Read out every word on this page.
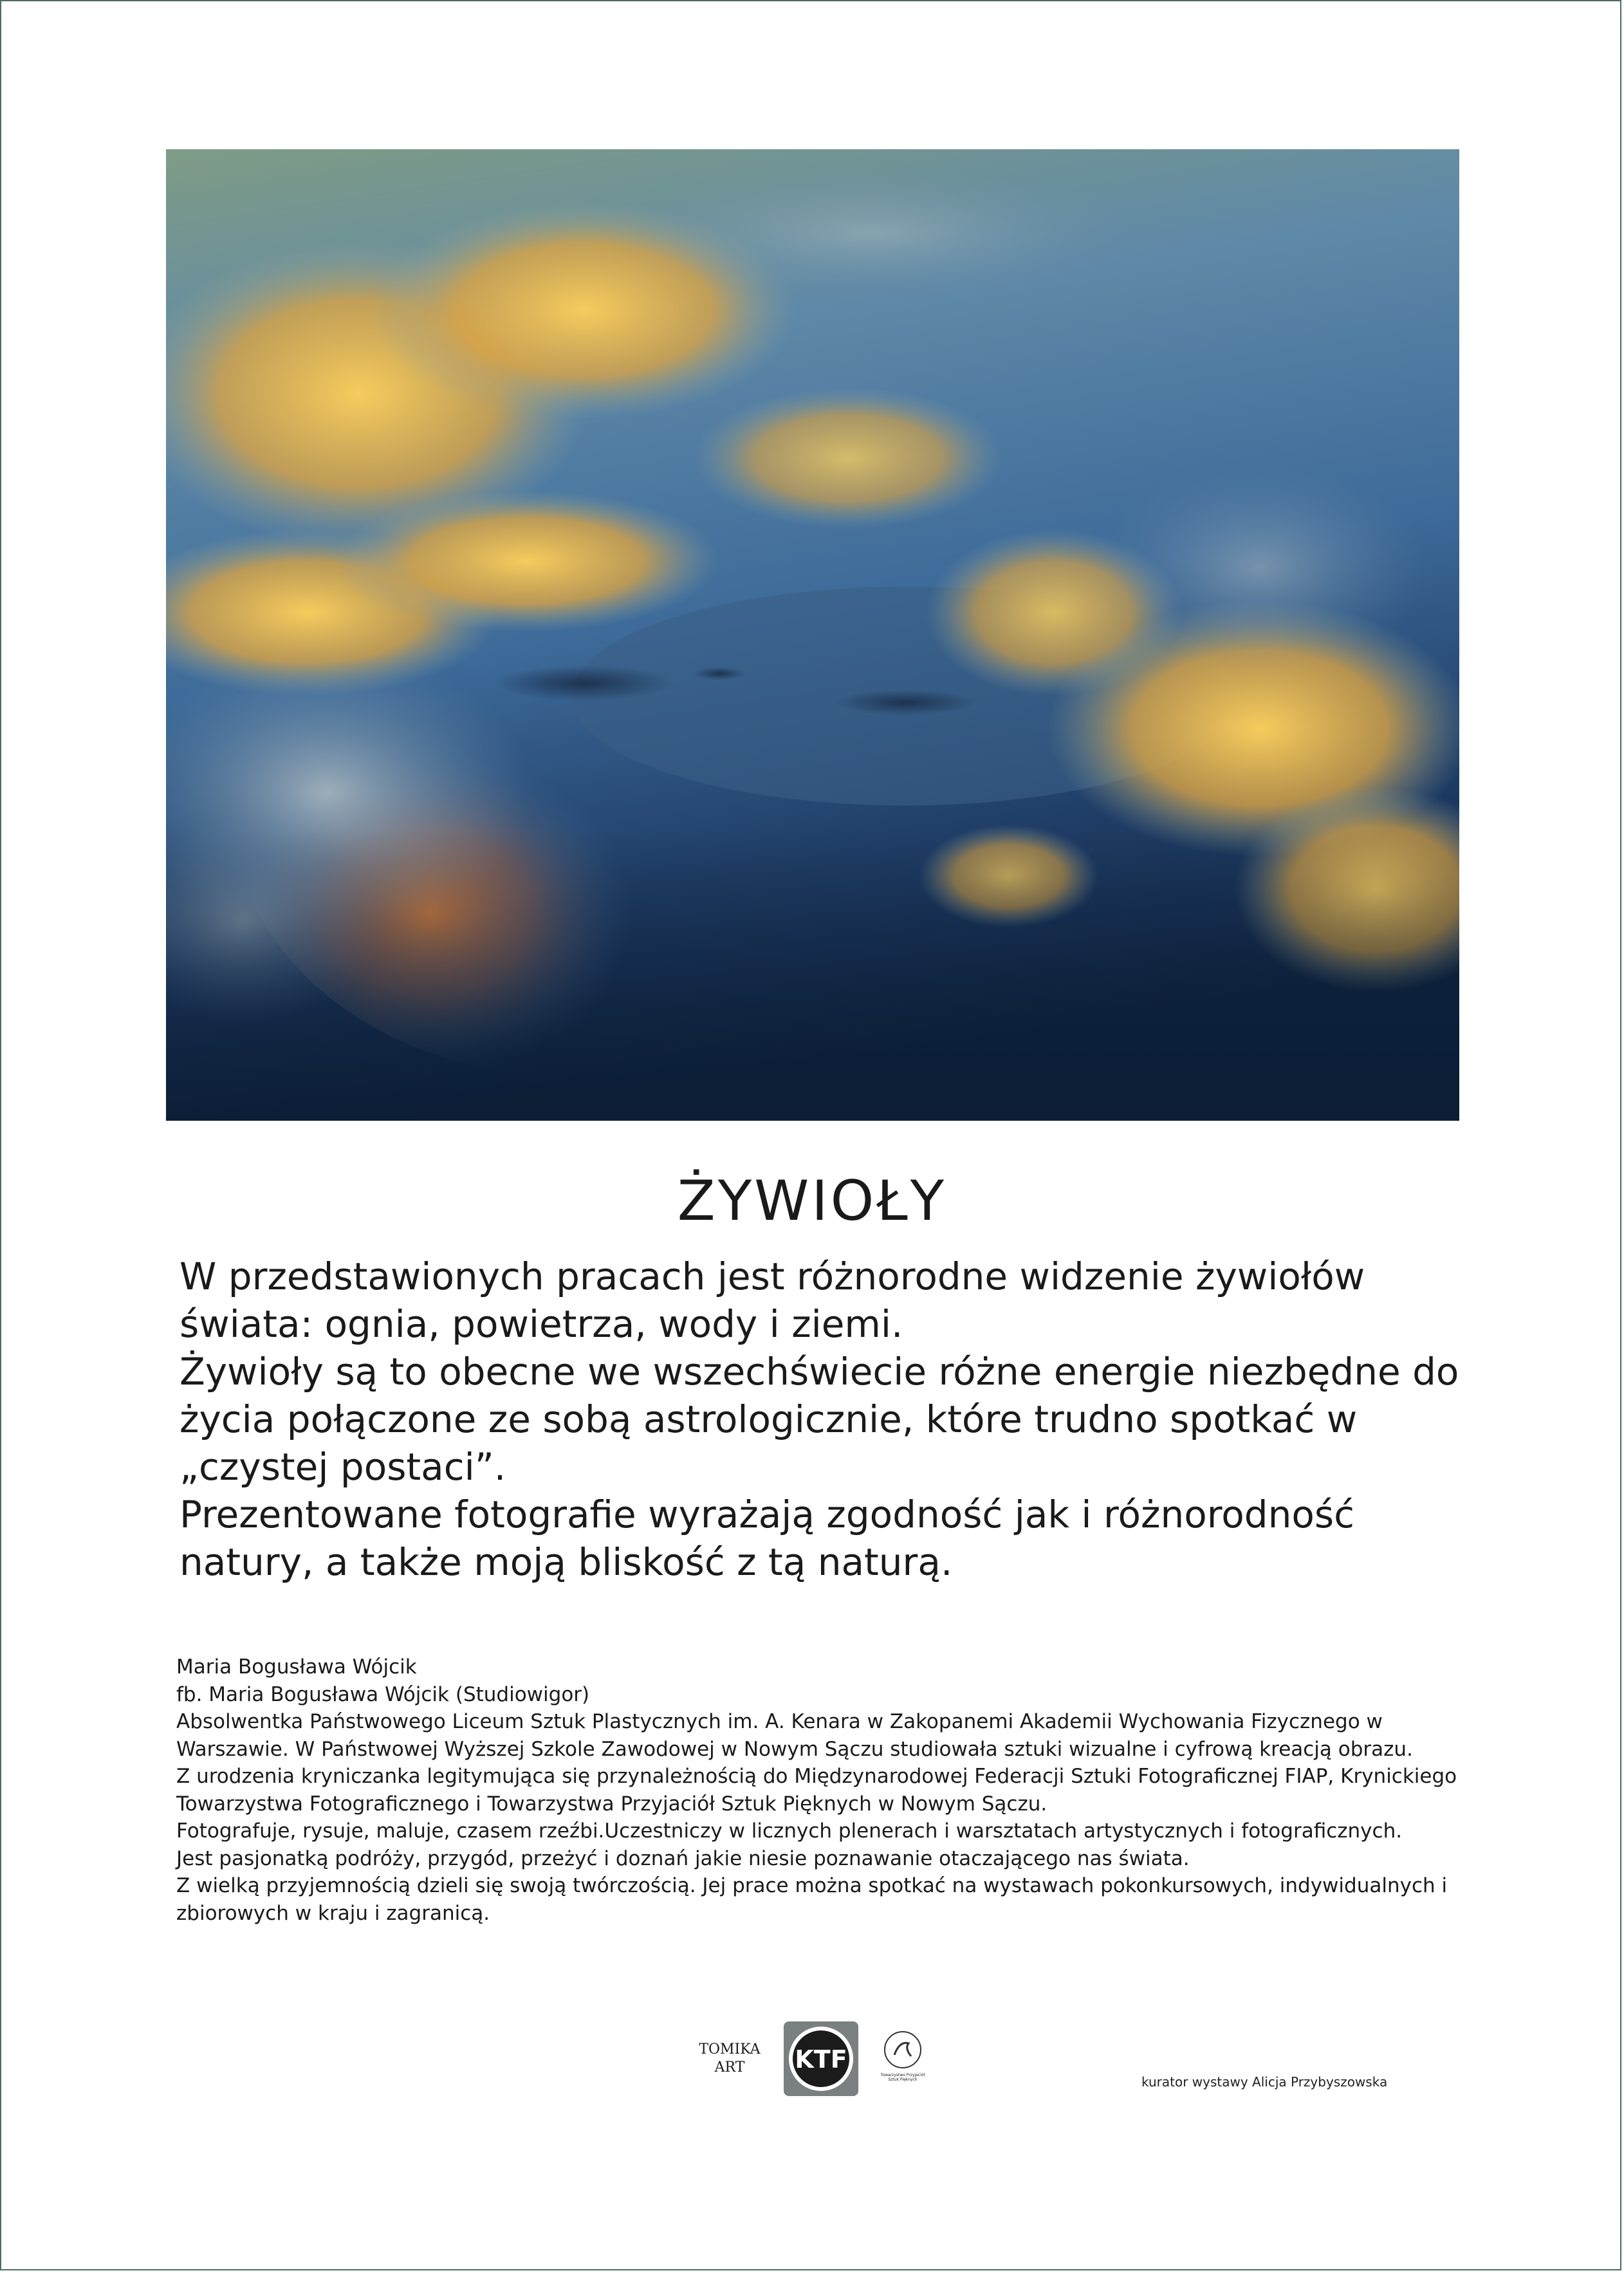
ŻYWIOŁY

W przedstawionych pracach jest różnorodne widzenie żywiołów świata: ognia, powietrza, wody i ziemi.

Żywioły są to obecne we wszechświecie różne energie niezbędne do życia połączone ze sobą astrologicznie, które trudno spotkać w „czystej postaci”.

Prezentowane fotografie wyrażają zgodność jak i różnorodność natury, a także moją bliskość z tą naturą.

Maria Bogusława Wójcik

fb. Maria Bogusława Wójcik (Studiowigor)

Absolwentka Państwowego Liceum Sztuk Plastycznych im. A. Kenara w Zakopanemi Akademii Wychowania Fizycznego w Warszawie. W Państwowej Wyższej Szkole Zawodowej w Nowym Sączu studiowała sztuki wizualne i cyfrową kreacją obrazu.

Z urodzenia kryniczanka legitymująca się przynależnością do Międzynarodowej Federacji Sztuki Fotograficznej FIAP, Krynickiego Towarzystwa Fotograficznego i Towarzystwa Przyjaciół Sztuk Pięknych w Nowym Sączu.

Fotografuje, rysuje, maluje, czasem rzeźbi.Uczestniczy w licznych plenerach i warsztatach artystycznych i fotograficznych.

Jest pasjonatką podróży, przygód, przeżyć i doznań jakie niesie poznawanie otaczającego nas świata.

Z wielką przyjemnością dzieli się swoją twórczością. Jej prace można spotkać na wystawach pokonkursowych, indywidualnych i zbiorowych w kraju i zagranicą.

TOMIKA
ART	KTF
Towarzystwo Przyjaciół Sztuk Pięknych	kurator wystawy Alicja Przybyszowska
